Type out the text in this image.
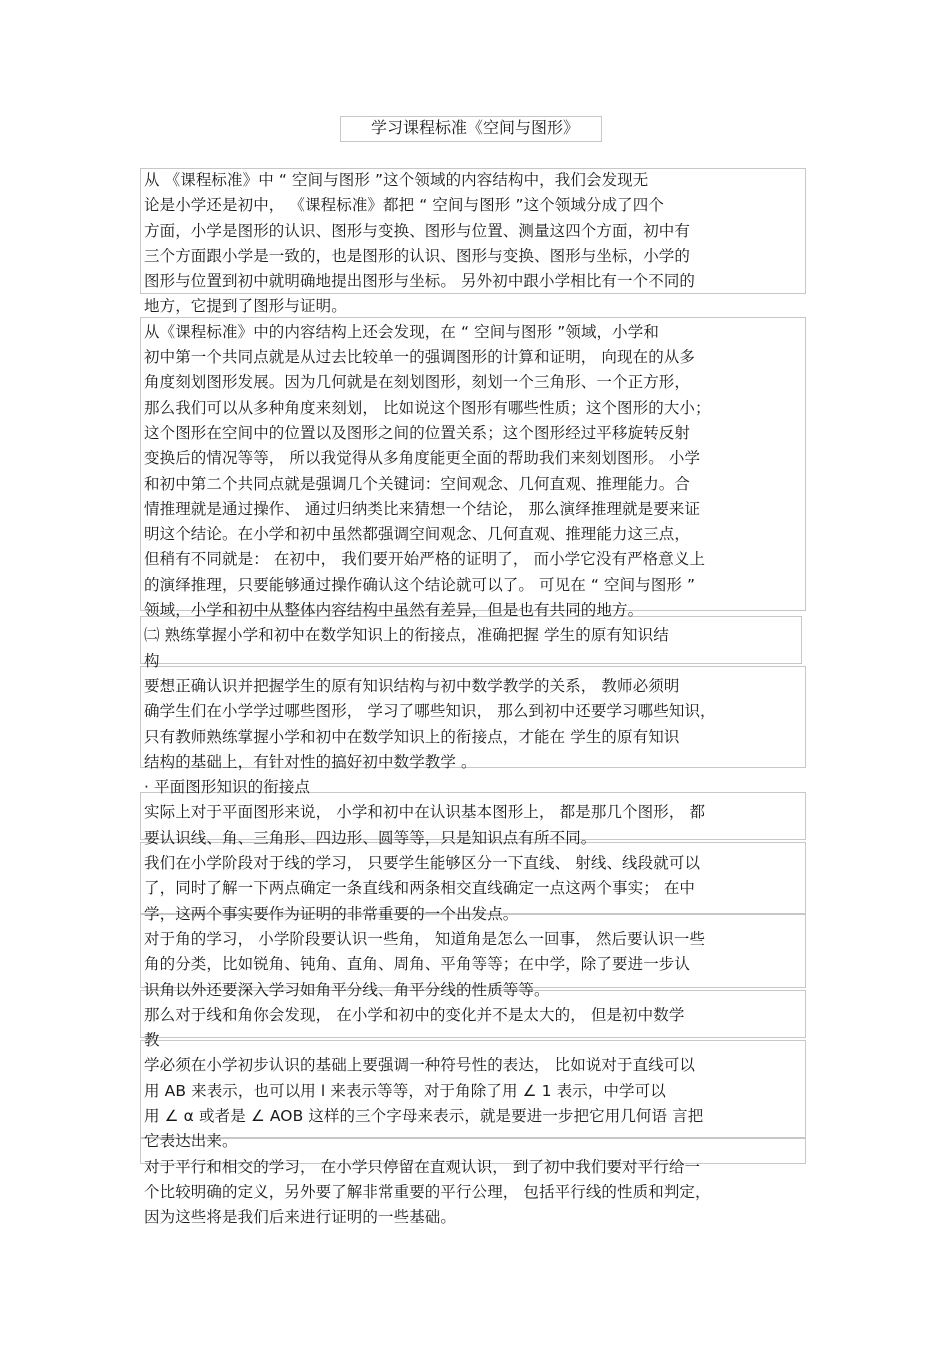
学习课程标准《空间与图形》
从 《课程标准》中 “ 空间与图形 ”这个领域的内容结构中，我们会发现无
论是小学还是初中， 《课程标准》都把 “ 空间与图形 ”这个领域分成了四个
方面，小学是图形的认识、图形与变换、图形与位置、测量这四个方面，初中有
三个方面跟小学是一致的，也是图形的认识、图形与变换、图形与坐标，小学的
图形与位置到初中就明确地提出图形与坐标。 另外初中跟小学相比有一个不同的
地方，它提到了图形与证明。
从《课程标准》中的内容结构上还会发现，在 “ 空间与图形 ”领域，小学和
初中第一个共同点就是从过去比较单一的强调图形的计算和证明， 向现在的从多
角度刻划图形发展。因为几何就是在刻划图形，刻划一个三角形、一个正方形，
那么我们可以从多种角度来刻划， 比如说这个图形有哪些性质；这个图形的大小；
这个图形在空间中的位置以及图形之间的位置关系；这个图形经过平移旋转反射
变换后的情况等等， 所以我觉得从多角度能更全面的帮助我们来刻划图形。 小学
和初中第二个共同点就是强调几个关键词：空间观念、几何直观、推理能力。合
情推理就是通过操作、 通过归纳类比来猜想一个结论， 那么演绎推理就是要来证
明这个结论。在小学和初中虽然都强调空间观念、几何直观、推理能力这三点，
但稍有不同就是： 在初中， 我们要开始严格的证明了， 而小学它没有严格意义上
的演绎推理，只要能够通过操作确认这个结论就可以了。 可见在 “ 空间与图形 ”
领域，小学和初中从整体内容结构中虽然有差异，但是也有共同的地方。
㈡ 熟练掌握小学和初中在数学知识上的衔接点，准确把握 学生的原有知识结
构
要想正确认识并把握学生的原有知识结构与初中数学教学的关系， 教师必须明
确学生们在小学学过哪些图形， 学习了哪些知识， 那么到初中还要学习哪些知识，
只有教师熟练掌握小学和初中在数学知识上的衔接点，才能在 学生的原有知识
结构的基础上，有针对性的搞好初中数学教学 。
· 平面图形知识的衔接点
实际上对于平面图形来说， 小学和初中在认识基本图形上， 都是那几个图形， 都
要认识线、角、三角形、四边形、圆等等，只是知识点有所不同。
我们在小学阶段对于线的学习， 只要学生能够区分一下直线、 射线、线段就可以
了，同时了解一下两点确定一条直线和两条相交直线确定一点这两个事实； 在中
学，这两个事实要作为证明的非常重要的一个出发点。
对于角的学习， 小学阶段要认识一些角， 知道角是怎么一回事， 然后要认识一些
角的分类，比如锐角、钝角、直角、周角、平角等等；在中学，除了要进一步认
识角以外还要深入学习如角平分线、角平分线的性质等等。
那么对于线和角你会发现， 在小学和初中的变化并不是太大的， 但是初中数学
教
学必须在小学初步认识的基础上要强调一种符号性的表达， 比如说对于直线可以
用 AB 来表示，也可以用 l 来表示等等，对于角除了用 ∠ 1 表示，中学可以
用 ∠ α 或者是 ∠ AOB 这样的三个字母来表示，就是要进一步把它用几何语 言把
它表达出来。
对于平行和相交的学习， 在小学只停留在直观认识， 到了初中我们要对平行给一
个比较明确的定义，另外要了解非常重要的平行公理， 包括平行线的性质和判定，
因为这些将是我们后来进行证明的一些基础。
